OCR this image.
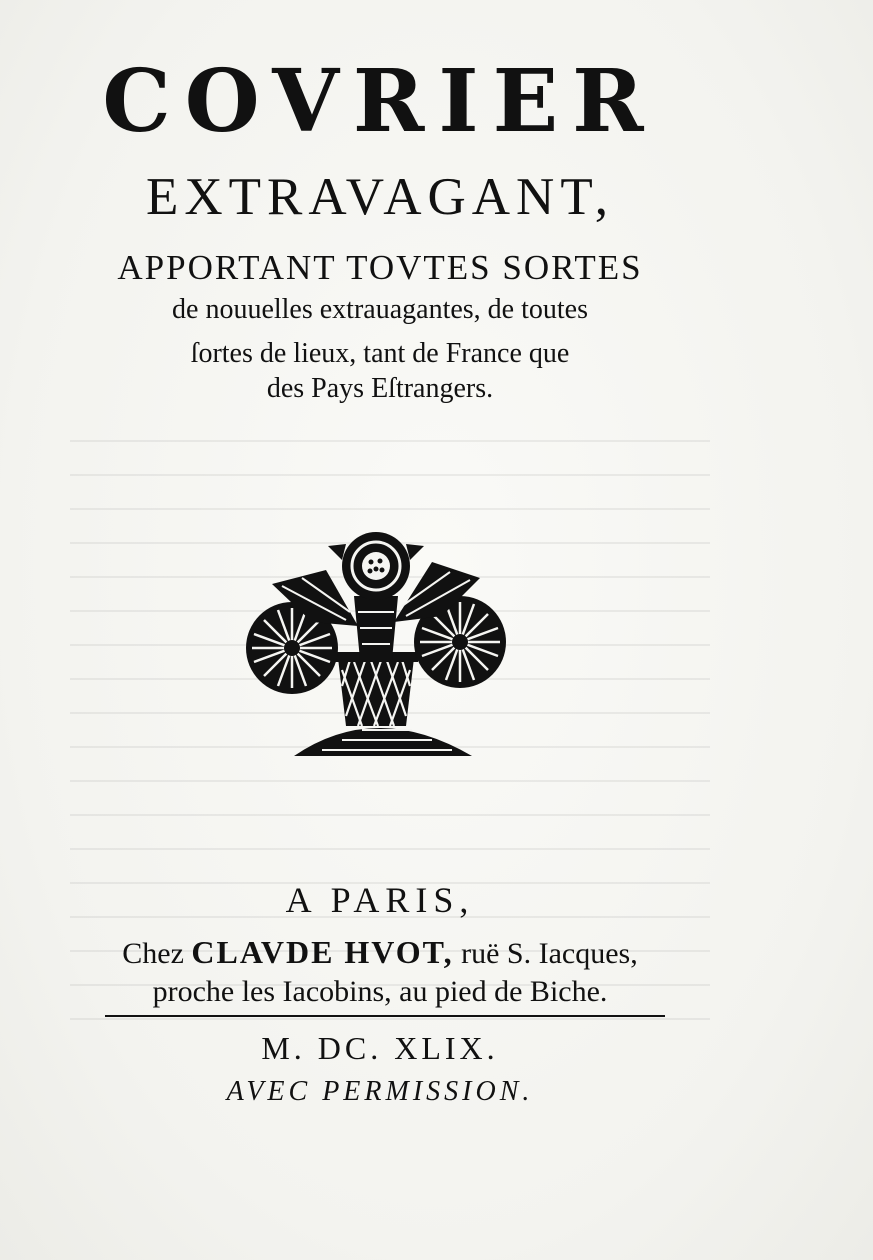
COVRIER
EXTRAVAGANT,
APPORTANT TOVTES SORTES
de nouuelles extrauagantes, de toutes
ſortes de lieux, tant de France que
des Pays Eſtrangers.
A PARIS,
Chez CLAVDE HVOT, ruë S. Iacques,
proche les Iacobins, au pied de Biche.
M. DC. XLIX.
AVEC PERMISSION.
